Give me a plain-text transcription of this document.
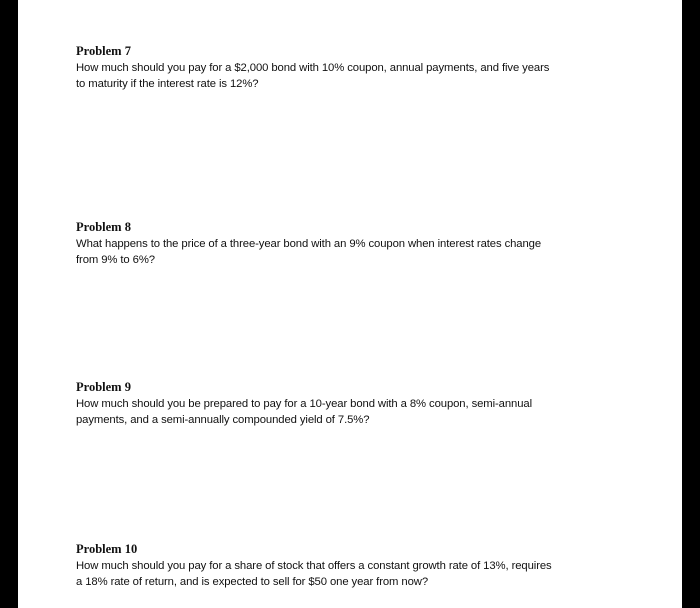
Problem 7
How much should you pay for a $2,000 bond with 10% coupon, annual payments, and five years
to maturity if the interest rate is 12%?
Problem 8
What happens to the price of a three-year bond with an 9% coupon when interest rates change
from 9% to 6%?
Problem 9
How much should you be prepared to pay for a 10-year bond with a 8% coupon, semi-annual
payments, and a semi-annually compounded yield of 7.5%?
Problem 10
How much should you pay for a share of stock that offers a constant growth rate of 13%, requires
a 18% rate of return, and is expected to sell for $50 one year from now?
